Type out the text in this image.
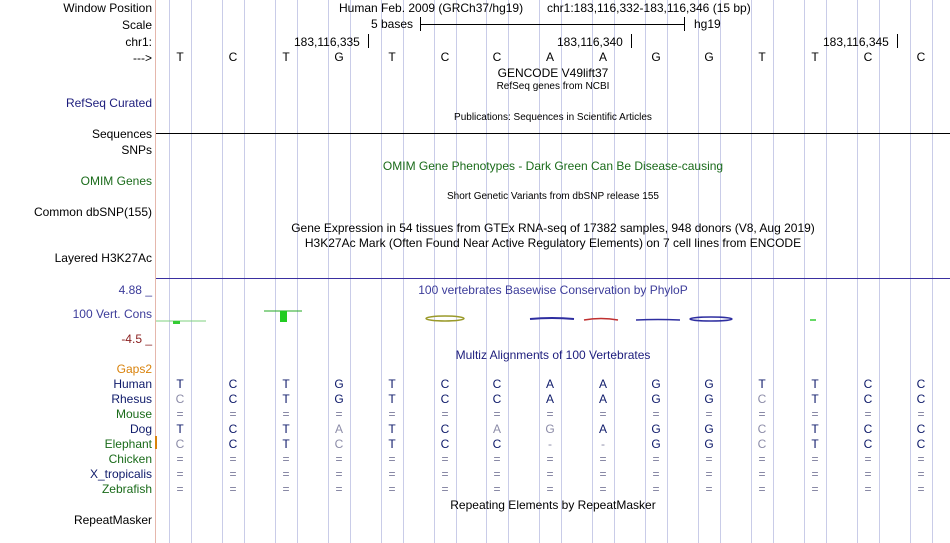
Window Position	Human Feb. 2009 (GRCh37/hg19) chr1:183,116,332-183,116,346 (15 bp)
Scale	5 bases	hg19
chr1:	183,116,335	183,116,340	183,116,345
---> T	C	T	G	T	C	C	A	A	G	G	T	T	C	C
GENCODE V49lift37
RefSeq genes from NCBI
RefSeq Curated
Publications: Sequences in Scientific Articles
Sequences
SNPs
OMIM Gene Phenotypes - Dark Green Can Be Disease-causing
OMIM Genes
Short Genetic Variants from dbSNP release 155
Common dbSNP(155)
Gene Expression in 54 tissues from GTEx RNA-seq of 17382 samples, 948 donors (V8, Aug 2019)
H3K27Ac Mark (Often Found Near Active Regulatory Elements) on 7 cell lines from ENCODE
Layered H3K27Ac
4.88 _	100 vertebrates Basewise Conservation by PhyloP
100 Vert. Cons
-4.5 _
Multiz Alignments of 100 Vertebrates
Gaps2
Human T	C	T	G	T	C	C	A	A	G	G	T	T	C	C
Rhesus C	C	T	G	T	C	C	A	A	G	G	C	T	C	C
Mouse =	=	=	=	=	=	=	=	=	=	=	=	=	=	=
Dog T	C	T	A	T	C	A	G	A	G	G	C	T	C	C
Elephant C	C	T	C	T	C	C	-	-	G	G	C	T	C	C
Chicken =	=	=	=	=	=	=	=	=	=	=	=	=	=	=
X_tropicalis =	=	=	=	=	=	=	=	=	=	=	=	=	=	=
Zebrafish =	=	=	=	=	=	=	=	=	=	=	=	=	=	=
Repeating Elements by RepeatMasker
RepeatMasker
